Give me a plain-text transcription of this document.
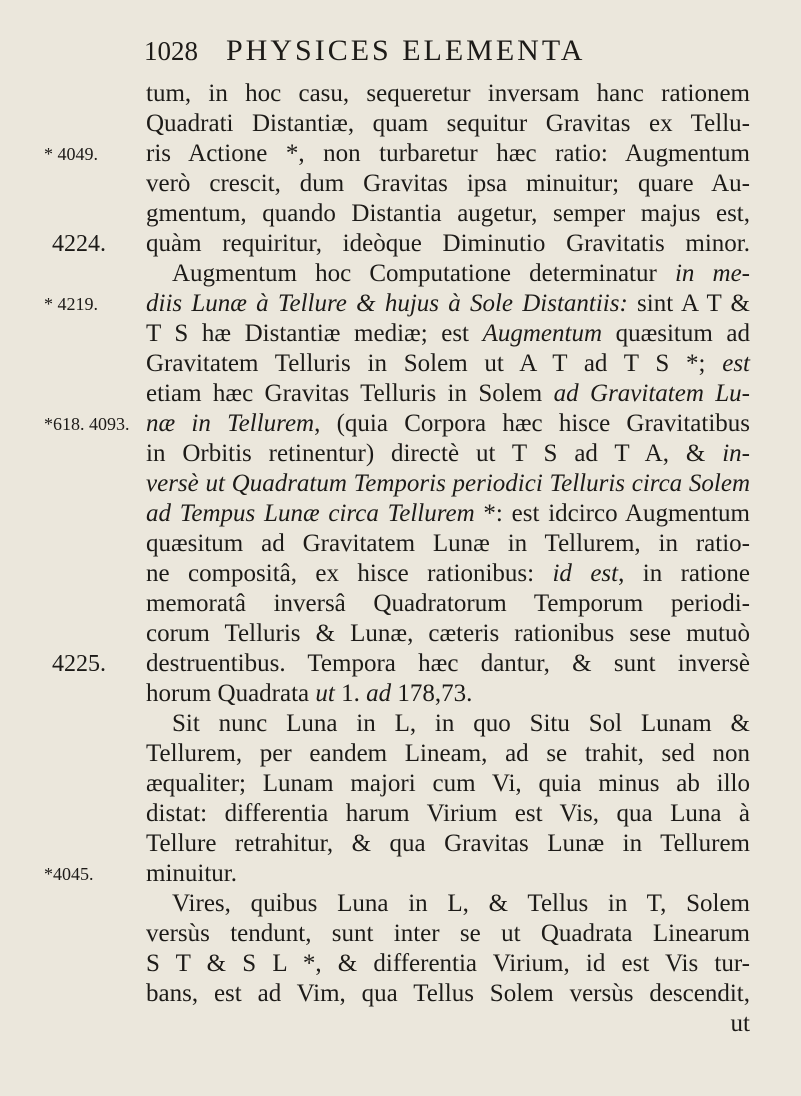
1028 PHYSICES ELEMENTA
* 4049.
4224.
* 4219.
*618. 4093.
4225.
*4045.
tum, in hoc casu, sequeretur inversam hanc rationem
Quadrati Distantiæ, quam sequitur Gravitas ex Tellu-
ris Actione *, non turbaretur hæc ratio: Augmentum
verò crescit, dum Gravitas ipsa minuitur; quare Au-
gmentum, quando Distantia augetur, semper majus est,
quàm requiritur, ideòque Diminutio Gravitatis minor.
Augmentum hoc Computatione determinatur in me-
diis Lunæ à Tellure & hujus à Sole Distantiis: sint A T &
T S hæ Distantiæ mediæ; est Augmentum quæsitum ad
Gravitatem Telluris in Solem ut A T ad T S *; est
etiam hæc Gravitas Telluris in Solem ad Gravitatem Lu-
næ in Tellurem, (quia Corpora hæc hisce Gravitatibus
in Orbitis retinentur) directè ut T S ad T A, & in-
versè ut Quadratum Temporis periodici Telluris circa Solem
ad Tempus Lunæ circa Tellurem *: est idcirco Augmentum
quæsitum ad Gravitatem Lunæ in Tellurem, in ratio-
ne compositâ, ex hisce rationibus: id est, in ratione
memoratâ inversâ Quadratorum Temporum periodi-
corum Telluris & Lunæ, cæteris rationibus sese mutuò
destruentibus. Tempora hæc dantur, & sunt inversè
horum Quadrata ut 1. ad 178,73.
Sit nunc Luna in L, in quo Situ Sol Lunam &
Tellurem, per eandem Lineam, ad se trahit, sed non
æqualiter; Lunam majori cum Vi, quia minus ab illo
distat: differentia harum Virium est Vis, qua Luna à
Tellure retrahitur, & qua Gravitas Lunæ in Tellurem
minuitur.
Vires, quibus Luna in L, & Tellus in T, Solem
versùs tendunt, sunt inter se ut Quadrata Linearum
S T & S L *, & differentia Virium, id est Vis tur-
bans, est ad Vim, qua Tellus Solem versùs descendit,
ut
